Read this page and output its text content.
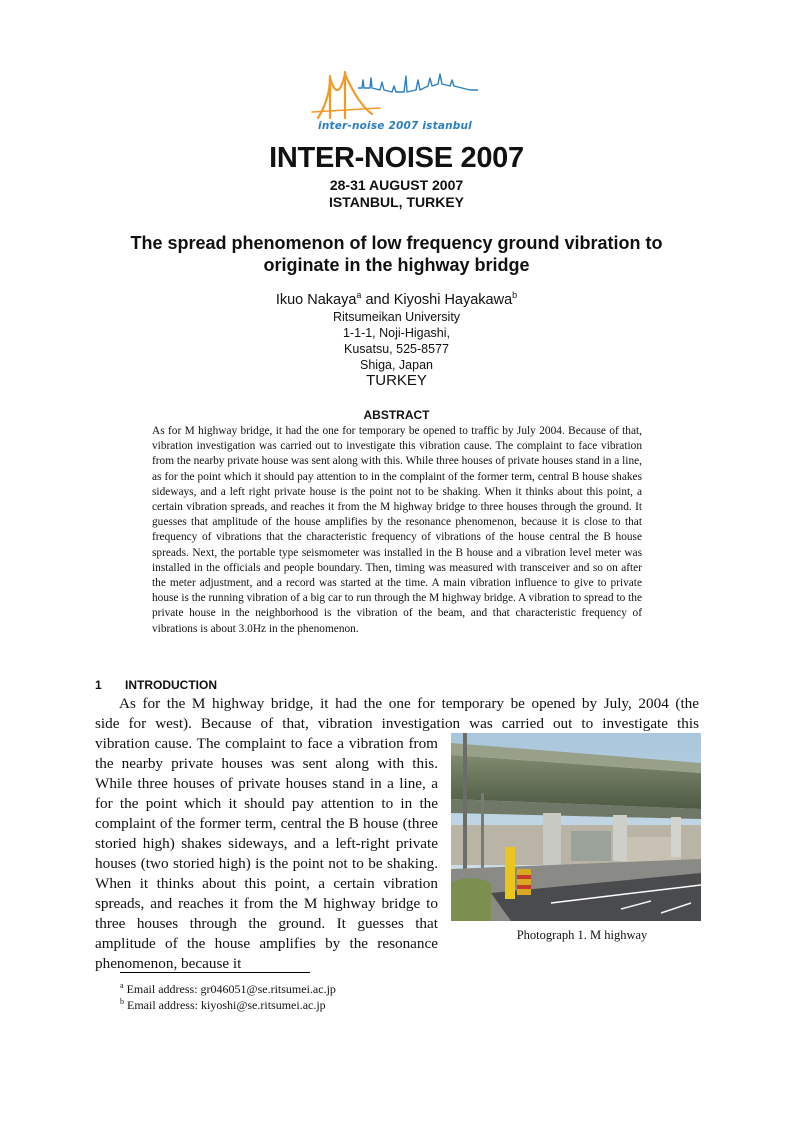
inter-noise 2007 istanbul
INTER-NOISE 2007
28-31 AUGUST 2007
ISTANBUL, TURKEY
The spread phenomenon of low frequency ground vibration to
originate in the highway bridge
Ikuo Nakaya$^a$ and Kiyoshi Hayakawa$^b$
Ritsumeikan University
1-1-1, Noji-Higashi,
Kusatsu, 525-8577
Shiga, Japan
TURKEY
ABSTRACT
As for M highway bridge, it had the one for temporary be opened to traffic by July 2004. Because of that, vibration investigation was carried out to investigate this vibration cause. The complaint to face vibration from the nearby private house was sent along with this. While three houses of private houses stand in a line, as for the point which it should pay attention to in the complaint of the former term, central B house shakes sideways, and a left right private house is the point not to be shaking. When it thinks about this point, a certain vibration spreads, and reaches it from the M highway bridge to three houses through the ground. It guesses that amplitude of the house amplifies by the resonance phenomenon, because it is close to that frequency of vibrations that the characteristic frequency of vibrations of the house central the B house spreads. Next, the portable type seismometer was installed in the B house and a vibration level meter was installed in the officials and people boundary. Then, timing was measured with transceiver and so on after the meter adjustment, and a record was started at the time. A main vibration influence to give to private house is the running vibration of a big car to run through the M highway bridge. A vibration to spread to the private house in the neighborhood is the vibration of the beam, and that characteristic frequency of vibrations is about 3.0Hz in the phenomenon.
1 INTRODUCTION
As for the M highway bridge, it had the one for temporary be opened by July, 2004 (the
side for west). Because of that, vibration investigation was carried out to investigate this
vibration cause. The complaint to face a vibration from the nearby private houses was sent along with this. While three houses of private houses stand in a line, a for the point which it should pay attention to in the complaint of the former term, central the B house (three storied high) shakes sideways, and a left-right private houses (two storied high) is the point not to be shaking. When it thinks about this point, a certain vibration spreads, and reaches it from the M highway bridge to three houses through the ground. It guesses that amplitude of the house amplifies by the resonance phenomenon, because it
Photograph 1. M highway
$^a$ Email address: gr046051@se.ritsumei.ac.jp
$^b$ Email address: kiyoshi@se.ritsumei.ac.jp
